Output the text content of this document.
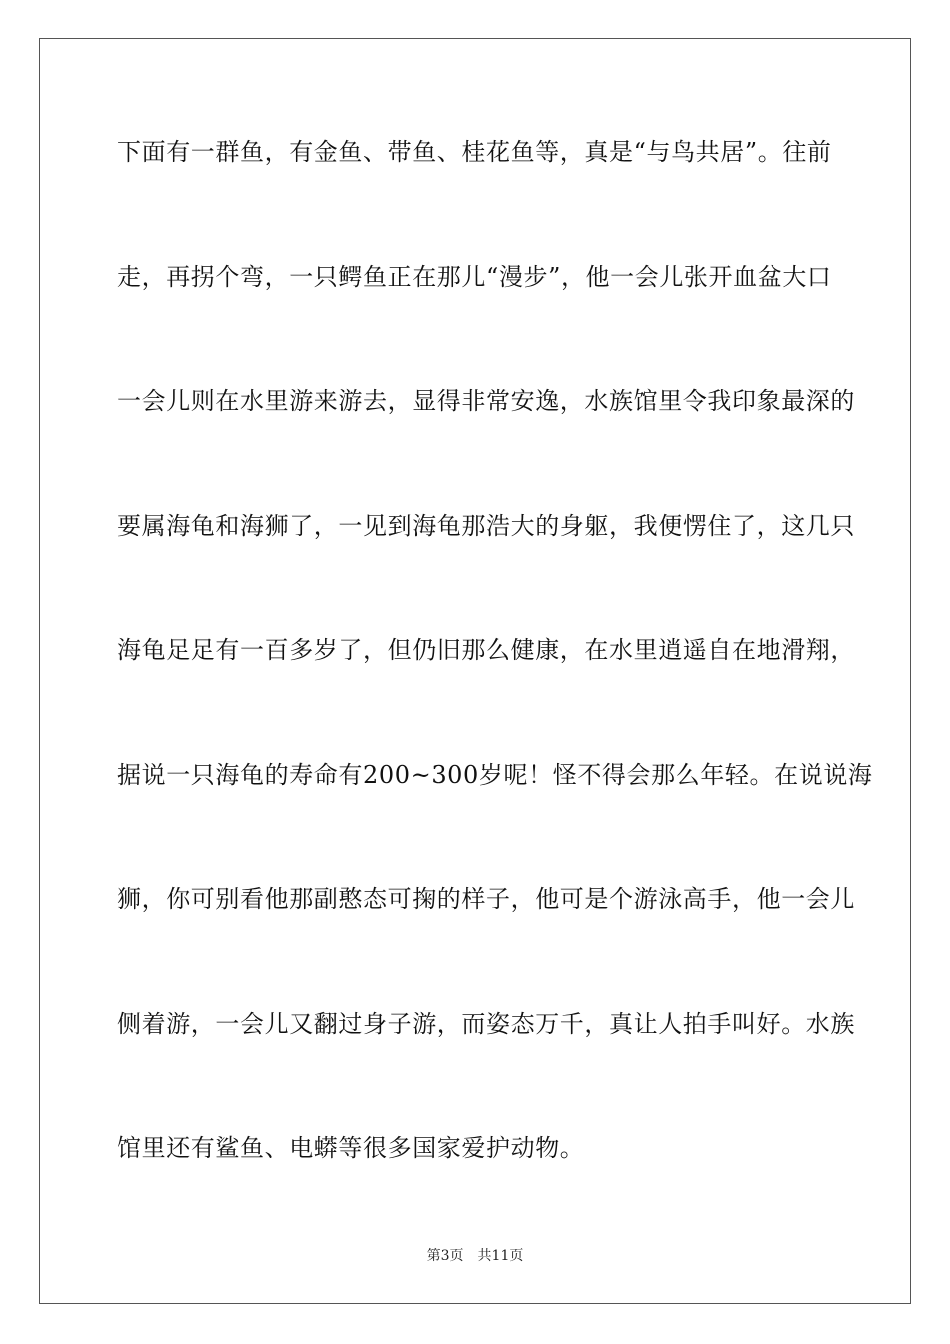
下面有一群鱼，有金鱼、带鱼、桂花鱼等，真是“与鸟共居”。往前
走，再拐个弯，一只鳄鱼正在那儿“漫步”，他一会儿张开血盆大口
一会儿则在水里游来游去，显得非常安逸，水族馆里令我印象最深的
要属海龟和海狮了，一见到海龟那浩大的身躯，我便愣住了，这几只
海龟足足有一百多岁了，但仍旧那么健康，在水里逍遥自在地滑翔，
据说一只海龟的寿命有200~300岁呢！怪不得会那么年轻。在说说海
狮，你可别看他那副憨态可掬的样子，他可是个游泳高手，他一会儿
侧着游，一会儿又翻过身子游，而姿态万千，真让人拍手叫好。水族
馆里还有鲨鱼、电蟒等很多国家爱护动物。
第3页 共11页
